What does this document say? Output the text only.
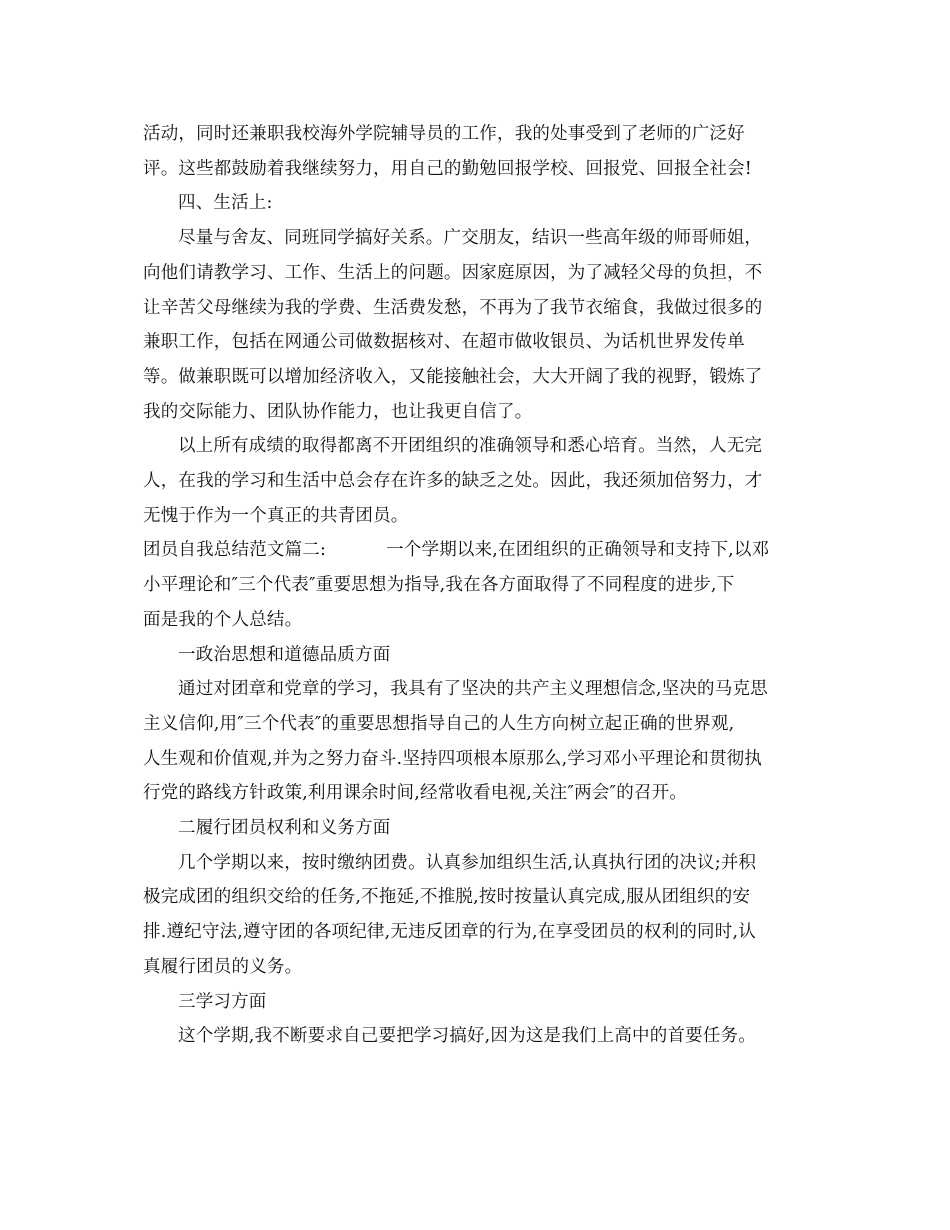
活动，同时还兼职我校海外学院辅导员的工作，我的处事受到了老师的广泛好
评。这些都鼓励着我继续努力，用自己的勤勉回报学校、回报党、回报全社会!

四、生活上:

尽量与舍友、同班同学搞好关系。广交朋友，结识一些高年级的师哥师姐，
向他们请教学习、工作、生活上的问题。因家庭原因，为了减轻父母的负担，不
让辛苦父母继续为我的学费、生活费发愁，不再为了我节衣缩食，我做过很多的
兼职工作，包括在网通公司做数据核对、在超市做收银员、为话机世界发传单
等。做兼职既可以增加经济收入，又能接触社会，大大开阔了我的视野，锻炼了
我的交际能力、团队协作能力，也让我更自信了。

以上所有成绩的取得都离不开团组织的准确领导和悉心培育。当然，人无完
人，在我的学习和生活中总会存在许多的缺乏之处。因此，我还须加倍努力，才
无愧于作为一个真正的共青团员。

团员自我总结范文篇二:	一个学期以来,在团组织的正确领导和支持下,以邓
小平理论和″三个代表″重要思想为指导,我在各方面取得了不同程度的进步,下
面是我的个人总结。

一政治思想和道德品质方面

通过对团章和党章的学习，我具有了坚决的共产主义理想信念,坚决的马克思
主义信仰,用″三个代表″的重要思想指导自己的人生方向树立起正确的世界观,
人生观和价值观,并为之努力奋斗.坚持四项根本原那么,学习邓小平理论和贯彻执
行党的路线方针政策,利用课余时间,经常收看电视,关注″两会″的召开。

二履行团员权利和义务方面

几个学期以来，按时缴纳团费。认真参加组织生活,认真执行团的决议;并积
极完成团的组织交给的任务,不拖延,不推脱,按时按量认真完成,服从团组织的安
排.遵纪守法,遵守团的各项纪律,无违反团章的行为,在享受团员的权利的同时,认
真履行团员的义务。

三学习方面

这个学期,我不断要求自己要把学习搞好,因为这是我们上高中的首要任务。
